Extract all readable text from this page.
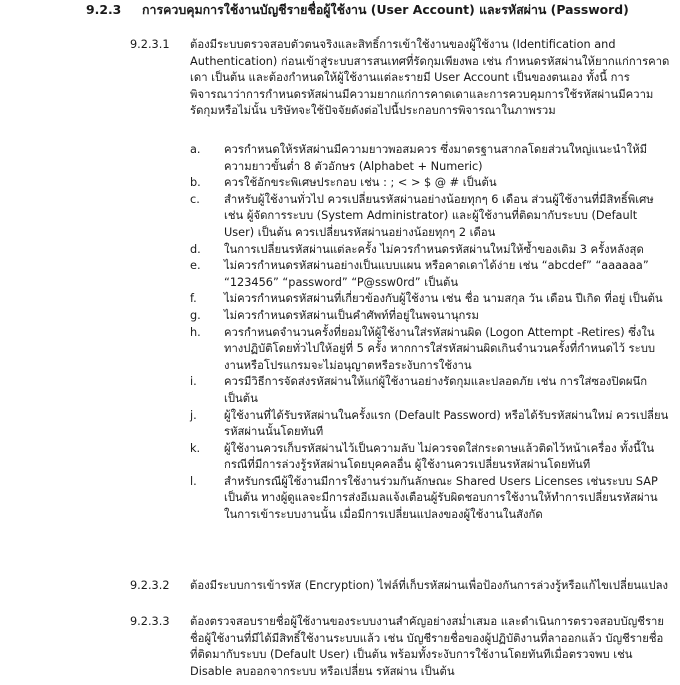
9.2.3 การควบคุมการใช้งานบัญชีรายชื่อผู้ใช้งาน (User Account) และรหัสผ่าน (Password)
9.2.3.1	ต้องมีระบบตรวจสอบตัวตนจริงและสิทธิ์การเข้าใช้งานของผู้ใช้งาน (Identification and Authentication) ก่อนเข้าสู่ระบบสารสนเทศที่รัดกุมเพียงพอ เช่น กำหนดรหัสผ่านให้ยากแก่การคาดเดา เป็นต้น และต้องกำหนดให้ผู้ใช้งานแต่ละรายมี User Account เป็นของตนเอง ทั้งนี้ การพิจารณาว่าการกำหนดรหัสผ่านมีความยากแก่การคาดเดาและการควบคุมการใช้รหัสผ่านมีความรัดกุมหรือไม่นั้น บริษัทจะใช้ปัจจัยดังต่อไปนี้ประกอบการพิจารณาในภาพรวม

a. ควรกำหนดให้รหัสผ่านมีความยาวพอสมควร ซึ่งมาตรฐานสากลโดยส่วนใหญ่แนะนำให้มีความยาวขั้นต่ำ 8 ตัวอักษร (Alphabet + Numeric)

b. ควรใช้อักขระพิเศษประกอบ เช่น : ; < > $ @ # เป็นต้น

c. สำหรับผู้ใช้งานทั่วไป ควรเปลี่ยนรหัสผ่านอย่างน้อยทุกๆ 6 เดือน ส่วนผู้ใช้งานที่มีสิทธิ์พิเศษ เช่น ผู้จัดการระบบ (System Administrator) และผู้ใช้งานที่ติดมากับระบบ (Default User) เป็นต้น ควรเปลี่ยนรหัสผ่านอย่างน้อยทุกๆ 2 เดือน

d. ในการเปลี่ยนรหัสผ่านแต่ละครั้ง ไม่ควรกำหนดรหัสผ่านใหม่ให้ซ้ำของเดิม 3 ครั้งหลังสุด

e. ไม่ควรกำหนดรหัสผ่านอย่างเป็นแบบแผน หรือคาดเดาได้ง่าย เช่น “abcdef” “aaaaaa” “123456” “password” “P@ssw0rd” เป็นต้น

f. ไม่ควรกำหนดรหัสผ่านที่เกี่ยวข้องกับผู้ใช้งาน เช่น ชื่อ นามสกุล วัน เดือน ปีเกิด ที่อยู่ เป็นต้น

g. ไม่ควรกำหนดรหัสผ่านเป็นคำศัพท์ที่อยู่ในพจนานุกรม

h. ควรกำหนดจำนวนครั้งที่ยอมให้ผู้ใช้งานใส่รหัสผ่านผิด (Logon Attempt -Retires) ซึ่งในทางปฏิบัติโดยทั่วไปให้อยู่ที่ 5 ครั้ง หากการใส่รหัสผ่านผิดเกินจำนวนครั้งที่กำหนดไว้ ระบบงานหรือโปรแกรมจะไม่อนุญาตหรือระงับการใช้งาน

i. ควรมีวิธีการจัดส่งรหัสผ่านให้แก่ผู้ใช้งานอย่างรัดกุมและปลอดภัย เช่น การใส่ซองปิดผนึกเป็นต้น

j. ผู้ใช้งานที่ได้รับรหัสผ่านในครั้งแรก (Default Password) หรือได้รับรหัสผ่านใหม่ ควรเปลี่ยนรหัสผ่านนั้นโดยทันที

k. ผู้ใช้งานควรเก็บรหัสผ่านไว้เป็นความลับ ไม่ควรจดใส่กระดาษแล้วติดไว้หน้าเครื่อง ทั้งนี้ในกรณีที่มีการล่วงรู้รหัสผ่านโดยบุคคลอื่น ผู้ใช้งานควรเปลี่ยนรหัสผ่านโดยทันที

l. สำหรับกรณีผู้ใช้งานมีการใช้งานร่วมกันลักษณะ Shared Users Licenses เช่นระบบ SAP เป็นต้น ทางผู้ดูแลจะมีการส่งอีเมลแจ้งเตือนผู้รับผิดชอบการใช้งานให้ทำการเปลี่ยนรหัสผ่านในการเข้าระบบงานนั้น เมื่อมีการเปลี่ยนแปลงของผู้ใช้งานในสังกัด

9.2.3.2	ต้องมีระบบการเข้ารหัส (Encryption) ไฟล์ที่เก็บรหัสผ่านเพื่อป้องกันการล่วงรู้หรือแก้ไขเปลี่ยนแปลง

9.2.3.3	ต้องตรวจสอบรายชื่อผู้ใช้งานของระบบงานสำคัญอย่างสม่ำเสมอ และดำเนินการตรวจสอบบัญชีรายชื่อผู้ใช้งานที่มีได้มีสิทธิ์ใช้งานระบบแล้ว เช่น บัญชีรายชื่อของผู้ปฏิบัติงานที่ลาออกแล้ว บัญชีรายชื่อที่ติดมากับระบบ (Default User) เป็นต้น พร้อมทั้งระงับการใช้งานโดยทันทีเมื่อตรวจพบ เช่น Disable ลบออกจากระบบ หรือเปลี่ยน รหัสผ่าน เป็นต้น
